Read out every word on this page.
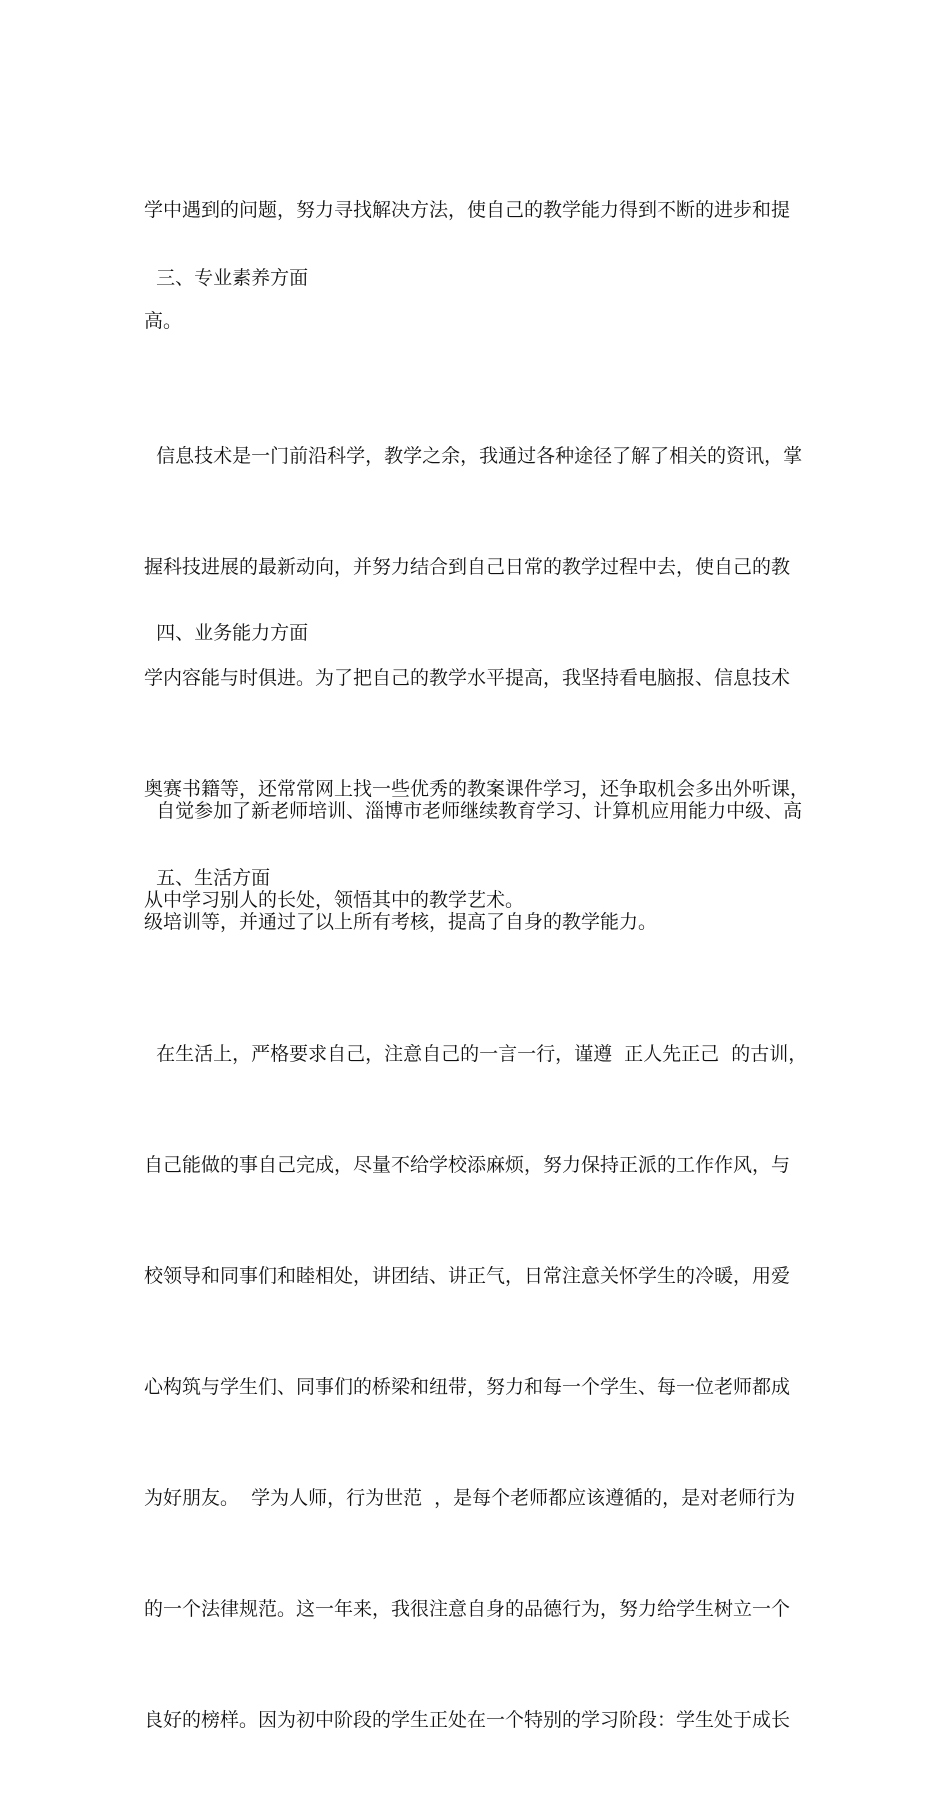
学中遇到的问题，努力寻找解决方法，使自己的教学能力得到不断的进步和提

高。

三、专业素养方面

信息技术是一门前沿科学，教学之余，我通过各种途径了解了相关的资讯，掌

握科技进展的最新动向，并努力结合到自己日常的教学过程中去，使自己的教

学内容能与时俱进。为了把自己的教学水平提高，我坚持看电脑报、信息技术

奥赛书籍等，还常常网上找一些优秀的教案课件学习，还争取机会多出外听课，

从中学习别人的长处，领悟其中的教学艺术。

四、业务能力方面

自觉参加了新老师培训、淄博市老师继续教育学习、计算机应用能力中级、高

级培训等，并通过了以上所有考核，提高了自身的教学能力。

五、生活方面

在生活上，严格要求自己，注意自己的一言一行，谨遵  正人先正己  的古训，

自己能做的事自己完成，尽量不给学校添麻烦，努力保持正派的工作作风，与

校领导和同事们和睦相处，讲团结、讲正气，日常注意关怀学生的冷暖，用爱

心构筑与学生们、同事们的桥梁和纽带，努力和每一个学生、每一位老师都成

为好朋友。  学为人师，行为世范  ，是每个老师都应该遵循的，是对老师行为

的一个法律规范。这一年来，我很注意自身的品德行为，努力给学生树立一个

良好的榜样。因为初中阶段的学生正处在一个特别的学习阶段：学生处于成长
